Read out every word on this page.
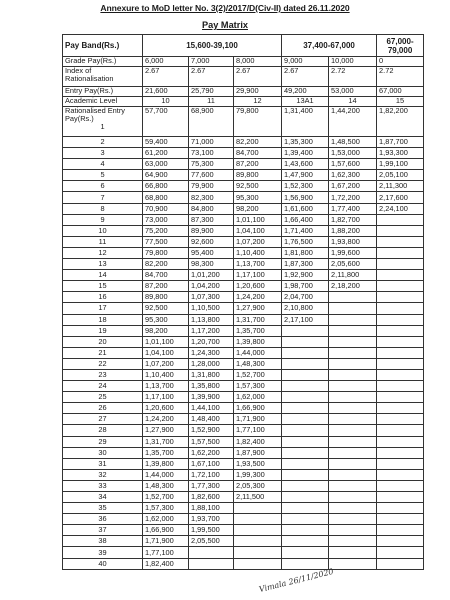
Annexure to MoD letter No. 3(2)/2017/D(Civ-II) dated 26.11.2020
Pay Matrix
Pay Band(Rs.)	15,600-39,100			37,400-67,000		67,000-79,000
Grade Pay(Rs.)	6,000	7,000	8,000	9,000	10,000	0
Index of Rationalisation	2.67	2.67	2.67	2.67	2.72	2.72
Entry Pay(Rs.)	21,600	25,790	29,900	49,200	53,000	67,000
Academic Level	10	11	12	13A1	14	15
Rationalised Entry Pay(Rs.)
1	57,700	68,900	79,800	1,31,400	1,44,200	1,82,200
2	59,400	71,000	82,200	1,35,300	1,48,500	1,87,700
3	61,200	73,100	84,700	1,39,400	1,53,000	1,93,300
4	63,000	75,300	87,200	1,43,600	1,57,600	1,99,100
5	64,900	77,600	89,800	1,47,900	1,62,300	2,05,100
6	66,800	79,900	92,500	1,52,300	1,67,200	2,11,300
7	68,800	82,300	95,300	1,56,900	1,72,200	2,17,600
8	70,900	84,800	98,200	1,61,600	1,77,400	2,24,100
9	73,000	87,300	1,01,100	1,66,400	1,82,700	
10	75,200	89,900	1,04,100	1,71,400	1,88,200	
11	77,500	92,600	1,07,200	1,76,500	1,93,800	
12	79,800	95,400	1,10,400	1,81,800	1,99,600	
13	82,200	98,300	1,13,700	1,87,300	2,05,600	
14	84,700	1,01,200	1,17,100	1,92,900	2,11,800	
15	87,200	1,04,200	1,20,600	1,98,700	2,18,200	
16	89,800	1,07,300	1,24,200	2,04,700		
17	92,500	1,10,500	1,27,900	2,10,800		
18	95,300	1,13,800	1,31,700	2,17,100		
19	98,200	1,17,200	1,35,700			
20	1,01,100	1,20,700	1,39,800			
21	1,04,100	1,24,300	1,44,000			
22	1,07,200	1,28,000	1,48,300			
23	1,10,400	1,31,800	1,52,700			
24	1,13,700	1,35,800	1,57,300			
25	1,17,100	1,39,900	1,62,000			
26	1,20,600	1,44,100	1,66,900			
27	1,24,200	1,48,400	1,71,900			
28	1,27,900	1,52,900	1,77,100			
29	1,31,700	1,57,500	1,82,400			
30	1,35,700	1,62,200	1,87,900			
31	1,39,800	1,67,100	1,93,500			
32	1,44,000	1,72,100	1,99,300			
33	1,48,300	1,77,300	2,05,300			
34	1,52,700	1,82,600	2,11,500			
35	1,57,300	1,88,100				
36	1,62,000	1,93,700				
37	1,66,900	1,99,500				
38	1,71,900	2,05,500				
39	1,77,100					
40	1,82,400					
Vimala 26/11/2020
